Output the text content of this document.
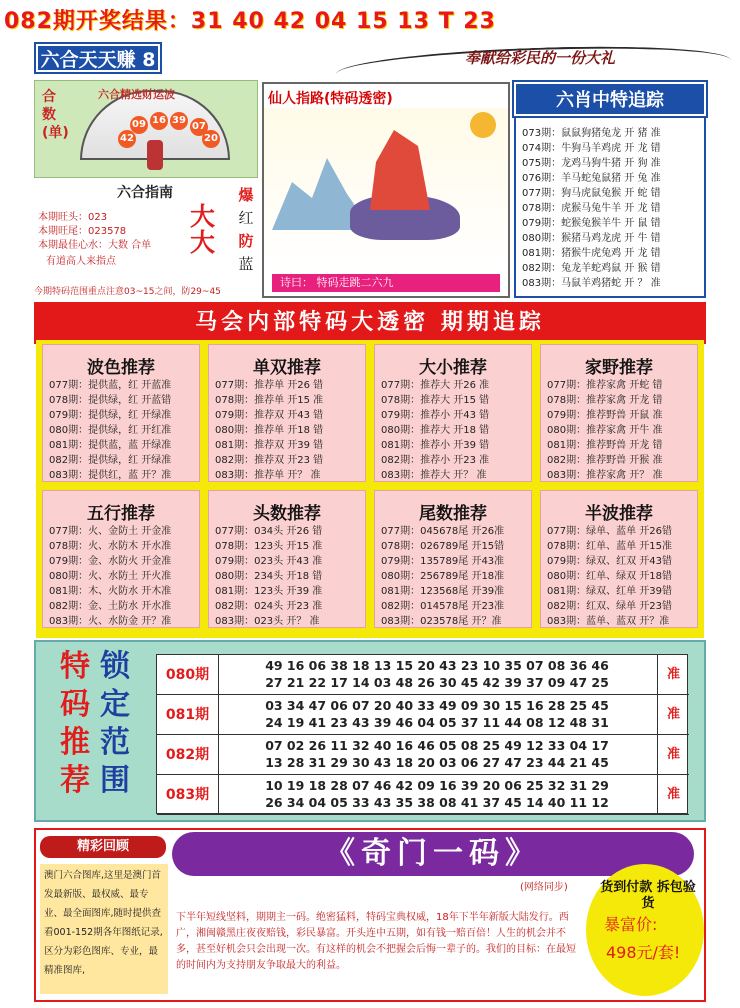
082期开奖结果：31 40 42 04 15 13 T 23
六合天天赚 8	奉献给彩民的一份大礼
六合精选财运波
合数(单)
09 16 39
07
42	20
六合指南
本期旺头：023
本期旺尾：023578
本期最佳心水：大数 合单
有道高人来指点
大大
爆
红
防
蓝
今期特码范围重点注意03~15之间，防29~45
仙人指路(特码透密)
诗曰： 特码走跳二六九
六肖中特追踪
073期：鼠鼠狗猪兔龙 开 猪 准
074期：牛狗马羊鸡虎 开 龙 错
075期：龙鸡马狗牛猪 开 狗 准
076期：羊马蛇兔鼠猪 开 兔 准
077期：狗马虎鼠兔猴 开 蛇 错
078期：虎猴马兔牛羊 开 龙 错
079期：蛇猴兔猴羊牛 开 鼠 错
080期：猴猪马鸡龙虎 开 牛 错
081期：猪猴牛虎兔鸡 开 龙 错
082期：兔龙羊蛇鸡鼠 开 猴 错
083期：马鼠羊鸡猪蛇 开 ？ 准
马会内部特码大透密 期期追踪
波色推荐
077期：提供蓝，红 开蓝准
078期：提供绿，红 开蓝错
079期：提供绿，红 开绿准
080期：提供绿，红 开红准
081期：提供蓝，蓝 开绿准
082期：提供绿，红 开绿准
083期：提供红，蓝 开？准
单双推荐
077期：推荐单 开26 错
078期：推荐单 开15 准
079期：推荐双 开43 错
080期：推荐单 开18 错
081期：推荐双 开39 错
082期：推荐双 开23 错
083期：推荐单 开？ 准
大小推荐
077期：推荐大 开26 准
078期：推荐大 开15 错
079期：推荐小 开43 错
080期：推荐大 开18 错
081期：推荐小 开39 错
082期：推荐小 开23 准
083期：推荐大 开？ 准
家野推荐
077期：推荐家禽 开蛇 错
078期：推荐家禽 开龙 错
079期：推荐野兽 开鼠 准
080期：推荐家禽 开牛 准
081期：推荐野兽 开龙 错
082期：推荐野兽 开猴 准
083期：推荐家禽 开？ 准
五行推荐
077期：火、金防土 开金准
078期：火、水防木 开水准
079期：金、水防火 开金准
080期：火、水防土 开火准
081期：木、火防水 开木准
082期：金、土防水 开水准
083期：火、水防金 开？准
头数推荐
077期：034头 开26 错
078期：123头 开15 准
079期：023头 开43 准
080期：234头 开18 错
081期：123头 开39 准
082期：024头 开23 准
083期：023头 开？ 准
尾数推荐
077期：045678尾 开26准
078期：026789尾 开15错
079期：135789尾 开43准
080期：256789尾 开18准
081期：123568尾 开39准
082期：014578尾 开23准
083期：023578尾 开？准
半波推荐
077期：绿单、蓝单 开26错
078期：红单、蓝单 开15准
079期：绿双、红双 开43错
080期：红单、绿双 开18错
081期：绿双、红单 开39错
082期：红双、绿单 开23错
083期：蓝单、蓝双 开？准
特
码
推
荐
锁
定
范
围
080期
49 16 06 38 18 13 15 20 43 23 10 35 07 08 36 46
27 21 22 17 14 03 48 26 30 45 42 39 37 09 47 25
准
081期
03 34 47 06 07 20 40 33 49 09 30 15 16 28 25 45
24 19 41 23 43 39 46 04 05 37 11 44 08 12 48 31
准
082期
07 02 26 11 32 40 16 46 05 08 25 49 12 33 04 17
13 28 31 29 30 43 18 20 03 06 27 47 23 44 21 45
准
083期
10 19 18 28 07 46 42 09 16 39 20 06 25 32 31 29
26 34 04 05 33 43 35 38 08 41 37 45 14 40 11 12
准
精彩回顾
澳门六合图库,这里是澳门首发最新版、最权威、最专业、最全面图库,随时提供查看001-152期各年图纸记录,区分为彩色图库、专业，最精准图库,
《奇门一码》
(网络同步) 货到付款 拆包验货
暴富价:
498元/套!
下半年短线坚料，期期主一码。绝密猛料，特码宝典权威，18年下半年新版大陆发行。西广，湘闽赣黑庄夜夜赔钱，彩民暴富。开头连中五期，如有钱一赔百倍！人生的机会并不多，甚至好机会只会出现一次。有这样的机会不把握会后悔一辈子的。我们的目标：在最短的时间内为支持朋友争取最大的利益。
